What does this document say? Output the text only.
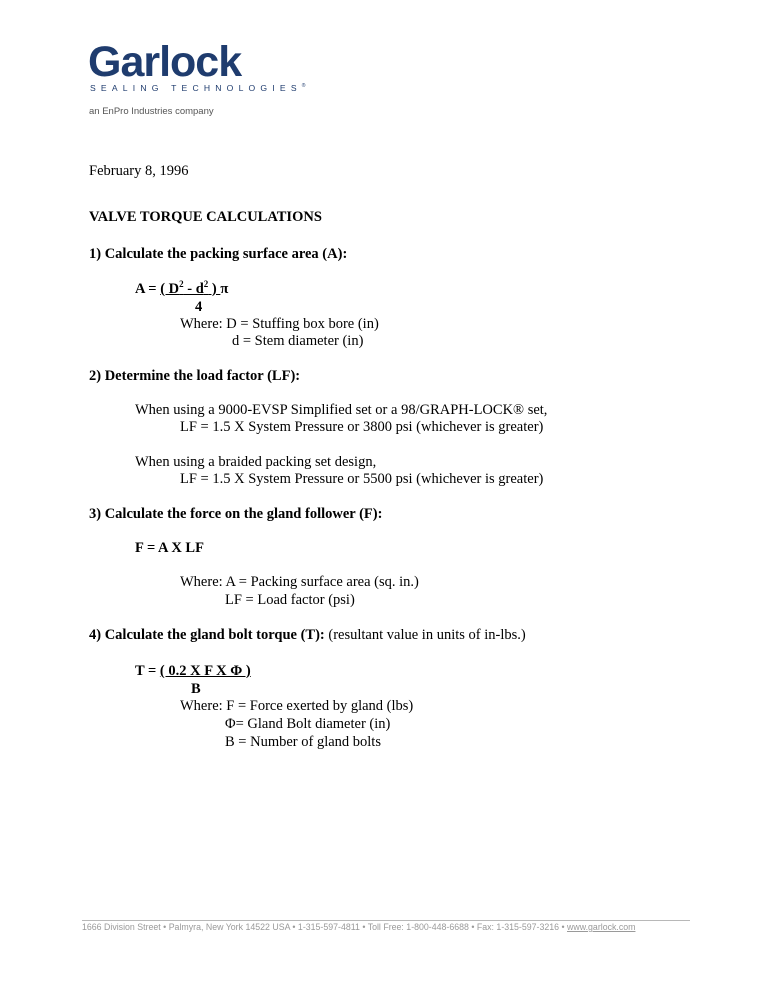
Garlock
SEALING TECHNOLOGIES®
an EnPro Industries company
February 8, 1996
VALVE TORQUE CALCULATIONS
1) Calculate the packing surface area (A):
A = ( $D^2 - d^2$ ) π
4
Where: D = Stuffing box bore (in)
d = Stem diameter (in)
2) Determine the load factor (LF):
When using a 9000-EVSP Simplified set or a 98/GRAPH-LOCK® set,
LF = 1.5 X System Pressure or 3800 psi (whichever is greater)
When using a braided packing set design,
LF = 1.5 X System Pressure or 5500 psi (whichever is greater)
3) Calculate the force on the gland follower (F):
F = A X LF
Where: A = Packing surface area (sq. in.)
LF = Load factor (psi)
4) Calculate the gland bolt torque (T): (resultant value in units of in-lbs.)
T = ( 0.2 X F X Φ )
B
Where: F = Force exerted by gland (lbs)
Φ= Gland Bolt diameter (in)
B = Number of gland bolts
1666 Division Street • Palmyra, New York 14522 USA • 1-315-597-4811 • Toll Free: 1-800-448-6688 • Fax: 1-315-597-3216 • www.garlock.com
